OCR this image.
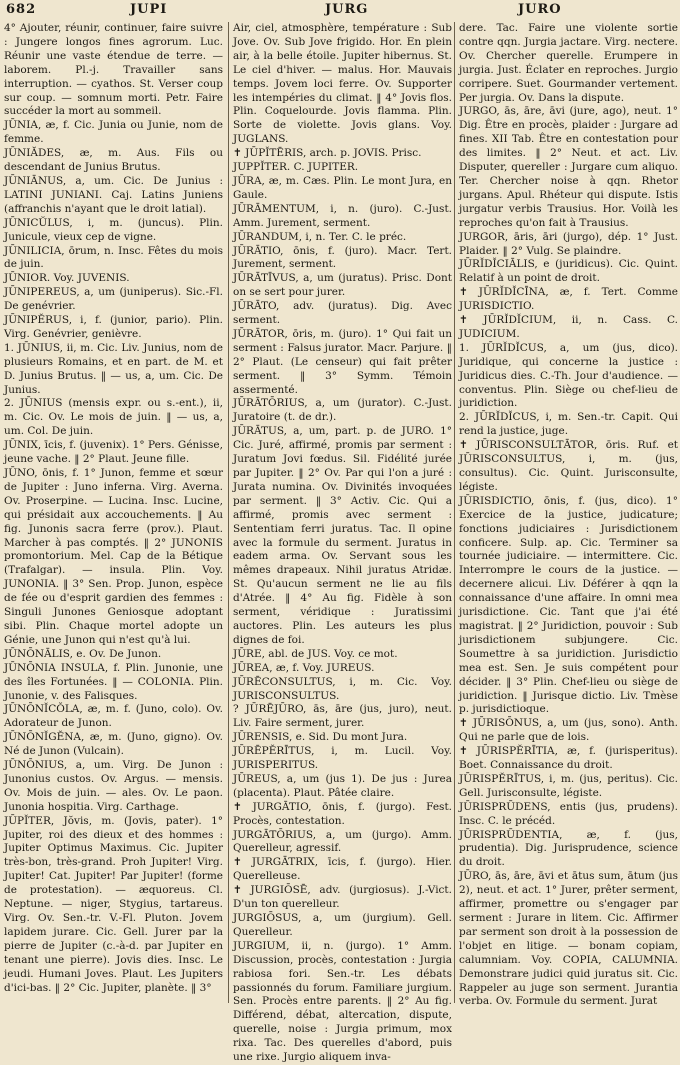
682	JUPI	JURG	JURO

4° Ajouter, réunir, continuer, faire suivre : Jungere longos fines agrorum. Luc. Réunir une vaste étendue de terre. — laborem. Pl.-j. Travailler sans interruption. — cyathos. St. Verser coup sur coup. — somnum morti. Petr. Faire succéder la mort au sommeil.

JŪNIA, æ, f. Cic. Junia ou Junie, nom de femme.

JŪNIĂDES, æ, m. Aus. Fils ou descendant de Junius Brutus.

JŪNIĀNUS, a, um. Cic. De Junius : LATINI JUNIANI. Caj. Latins Juniens (affranchis n'ayant que le droit latial).

JŪNICŬLUS, i, m. (juncus). Plin. Junicule, vieux cep de vigne.

JŪNILICIA, ōrum, n. Insc. Fêtes du mois de juin.

JŪNIOR. Voy. JUVENIS.

JŪNIPEREUS, a, um (juniperus). Sic.-Fl. De genévrier.

JŪNIPĔRUS, i, f. (junior, pario). Plin. Virg. Genévrier, genièvre.

1. JŪNIUS, ii, m. Cic. Liv. Junius, nom de plusieurs Romains, et en part. de M. et D. Junius Brutus. ‖ — us, a, um. Cic. De Junius.

2. JŪNIUS (mensis expr. ou s.-ent.), ii, m. Cic. Ov. Le mois de juin. ‖ — us, a, um. Col. De juin.

JŪNIX, īcis, f. (juvenix). 1° Pers. Génisse, jeune vache. ‖ 2° Plaut. Jeune fille.

JŪNO, ōnis, f. 1° Junon, femme et sœur de Jupiter : Juno inferna. Virg. Averna. Ov. Proserpine. — Lucina. Insc. Lucine, qui présidait aux accouchements. ‖ Au fig. Junonis sacra ferre (prov.). Plaut. Marcher à pas comptés. ‖ 2° JUNONIS promontorium. Mel. Cap de la Bétique (Trafalgar). — insula. Plin. Voy. JUNONIA. ‖ 3° Sen. Prop. Junon, espèce de fée ou d'esprit gardien des femmes : Singuli Junones Geniosque adoptant sibi. Plin. Chaque mortel adopte un Génie, une Junon qui n'est qu'à lui.

JŪNŌNĀLIS, e. Ov. De Junon.

JŪNŌNIA INSULA, f. Plin. Junonie, une des îles Fortunées. ‖ — COLONIA. Plin. Junonie, v. des Falisques.

JŪNŌNĬCŎLA, æ, m. f. (Juno, colo). Ov. Adorateur de Junon.

JŪNŌNĬGĔNA, æ, m. (Juno, gigno). Ov. Né de Junon (Vulcain).

JŪNŌNIUS, a, um. Virg. De Junon : Junonius custos. Ov. Argus. — mensis. Ov. Mois de juin. — ales. Ov. Le paon. Junonia hospitia. Virg. Carthage.

JŪPĬTER, Jŏvis, m. (Jovis, pater). 1° Jupiter, roi des dieux et des hommes : Jupiter Optimus Maximus. Cic. Jupiter très-bon, très-grand. Proh Jupiter! Virg. Jupiter! Cat. Jupiter! Par Jupiter! (forme de protestation). — æquoreus. Cl. Neptune. — niger, Stygius, tartareus. Virg. Ov. Sen.-tr. V.-Fl. Pluton. Jovem lapidem jurare. Cic. Gell. Jurer par la pierre de Jupiter (c.-à-d. par Jupiter en tenant une pierre). Jovis dies. Insc. Le jeudi. Humani Joves. Plaut. Les Jupiters d'ici-bas. ‖ 2° Cic. Jupiter, planète. ‖ 3°

Air, ciel, atmosphère, température : Sub Jove. Ov. Sub Jove frigido. Hor. En plein air, à la belle étoile. Jupiter hibernus. St. Le ciel d'hiver. — malus. Hor. Mauvais temps. Jovem loci ferre. Ov. Supporter les intempéries du climat. ‖ 4° Jovis flos. Plin. Coquelourde. Jovis flamma. Plin. Sorte de violette. Jovis glans. Voy. JUGLANS.

✝ JŪPĬTĒRIS, arch. p. JOVIS. Prisc.

JUPPĬTER. C. JUPITER.

JŪRA, æ, m. Cæs. Plin. Le mont Jura, en Gaule.

JŪRĀMENTUM, i, n. (juro). C.-Just. Amm. Jurement, serment.

JŪRANDUM, i, n. Ter. C. le préc.

JŪRĀTIO, ōnis, f. (juro). Macr. Tert. Jurement, serment.

JŪRĀTĪVUS, a, um (juratus). Prisc. Dont on se sert pour jurer.

JŪRĀTO, adv. (juratus). Dig. Avec serment.

JŪRĀTOR, ōris, m. (juro). 1° Qui fait un serment : Falsus jurator. Macr. Parjure. ‖ 2° Plaut. (Le censeur) qui fait prêter serment. ‖ 3° Symm. Témoin assermenté.

JŪRĀTŌRIUS, a, um (jurator). C.-Just. Juratoire (t. de dr.).

JŪRĀTUS, a, um, part. p. de JURO. 1° Cic. Juré, affirmé, promis par serment : Juratum Jovi fœdus. Sil. Fidélité jurée par Jupiter. ‖ 2° Ov. Par qui l'on a juré : Jurata numina. Ov. Divinités invoquées par serment. ‖ 3° Activ. Cic. Qui a affirmé, promis avec serment : Sententiam ferri juratus. Tac. Il opine avec la formule du serment. Juratus in eadem arma. Ov. Servant sous les mêmes drapeaux. Nihil juratus Atridæ. St. Qu'aucun serment ne lie au fils d'Atrée. ‖ 4° Au fig. Fidèle à son serment, véridique : Juratissimi auctores. Plin. Les auteurs les plus dignes de foi.

JŪRE, abl. de JUS. Voy. ce mot.

JŪREA, æ, f. Voy. JUREUS.

JŪRĒCONSULTUS, i, m. Cic. Voy. JURISCONSULTUS.

? JŪRĒJŪRO, ās, āre (jus, juro), neut. Liv. Faire serment, jurer.

JŪRENSIS, e. Sid. Du mont Jura.

JŪRĒPĔRĪTUS, i, m. Lucil. Voy. JURISPERITUS.

JŪREUS, a, um (jus 1). De jus : Jurea (placenta). Plaut. Pâtée claire.

✝ JURGĀTIO, ōnis, f. (jurgo). Fest. Procès, contestation.

JURGĀTŌRIUS, a, um (jurgo). Amm. Querelleur, agressif.

✝ JURGĀTRIX, īcis, f. (jurgo). Hier. Querelleuse.

✝ JURGIŌSĒ, adv. (jurgiosus). J.-Vict. D'un ton querelleur.

JURGIŌSUS, a, um (jurgium). Gell. Querelleur.

JURGIUM, ii, n. (jurgo). 1° Amm. Discussion, procès, contestation : Jurgia rabiosa fori. Sen.-tr. Les débats passionnés du forum. Familiare jurgium. Sen. Procès entre parents. ‖ 2° Au fig. Différend, débat, altercation, dispute, querelle, noise : Jurgia primum, mox rixa. Tac. Des querelles d'abord, puis une rixe. Jurgio aliquem inva-

dere. Tac. Faire une violente sortie contre qqn. Jurgia jactare. Virg. nectere. Ov. Chercher querelle. Erumpere in jurgia. Just. Éclater en reproches. Jurgio corripere. Suet. Gourmander vertement. Per jurgia. Ov. Dans la dispute.

JURGO, ās, āre, āvi (jure, ago), neut. 1° Dig. Être en procès, plaider : Jurgare ad fines. XII Tab. Être en contestation pour des limites. ‖ 2° Neut. et act. Liv. Disputer, quereller : Jurgare cum aliquo. Ter. Chercher noise à qqn. Rhetor jurgans. Apul. Rhéteur qui dispute. Istis jurgatur verbis Trausius. Hor. Voilà les reproches qu'on fait à Trausius.

JURGOR, āris, āri (jurgo), dép. 1° Just. Plaider. ‖ 2° Vulg. Se plaindre.

JŪRĬDĬCIĀLIS, e (juridicus). Cic. Quint. Relatif à un point de droit.

✝ JŪRĬDĬCĪNA, æ, f. Tert. Comme JURISDICTIO.

✝ JŪRĬDĬCIUM, ii, n. Cass. C. JUDICIUM.

1. JŪRĬDĬCUS, a, um (jus, dico). Juridique, qui concerne la justice : Juridicus dies. C.-Th. Jour d'audience. — conventus. Plin. Siège ou chef-lieu de juridiction.

2. JŪRĬDĬCUS, i, m. Sen.-tr. Capit. Qui rend la justice, juge.

✝ JŪRISCONSULTĀTOR, ōris. Ruf. et JŪRISCONSULTUS, i, m. (jus, consultus). Cic. Quint. Jurisconsulte, légiste.

JŪRISDICTIO, ōnis, f. (jus, dico). 1° Exercice de la justice, judicature; fonctions judiciaires : Jurisdictionem conficere. Sulp. ap. Cic. Terminer sa tournée judiciaire. — intermittere. Cic. Interrompre le cours de la justice. — decernere alicui. Liv. Déférer à qqn la connaissance d'une affaire. In omni mea jurisdictione. Cic. Tant que j'ai été magistrat. ‖ 2° Juridiction, pouvoir : Sub jurisdictionem subjungere. Cic. Soumettre à sa juridiction. Jurisdictio mea est. Sen. Je suis compétent pour décider. ‖ 3° Plin. Chef-lieu ou siège de juridiction. ‖ Jurisque dictio. Liv. Tmèse p. jurisdictioque.

✝ JŪRISŌNUS, a, um (jus, sono). Anth. Qui ne parle que de lois.

✝ JŪRISPĔRĪTIA, æ, f. (jurisperitus). Boet. Connaissance du droit.

JŪRISPĔRĪTUS, i, m. (jus, peritus). Cic. Gell. Jurisconsulte, légiste.

JŪRISPRŪDENS, entis (jus, prudens). Insc. C. le précéd.

JŪRISPRŪDENTIA, æ, f. (jus, prudentia). Dig. Jurisprudence, science du droit.

JŪRO, ās, āre, āvi et ātus sum, ātum (jus 2), neut. et act. 1° Jurer, prêter serment, affirmer, promettre ou s'engager par serment : Jurare in litem. Cic. Affirmer par serment son droit à la possession de l'objet en litige. — bonam copiam, calumniam. Voy. COPIA, CALUMNIA. Demonstrare judici quid juratus sit. Cic. Rappeler au juge son serment. Jurantia verba. Ov. Formule du serment. Jurat
